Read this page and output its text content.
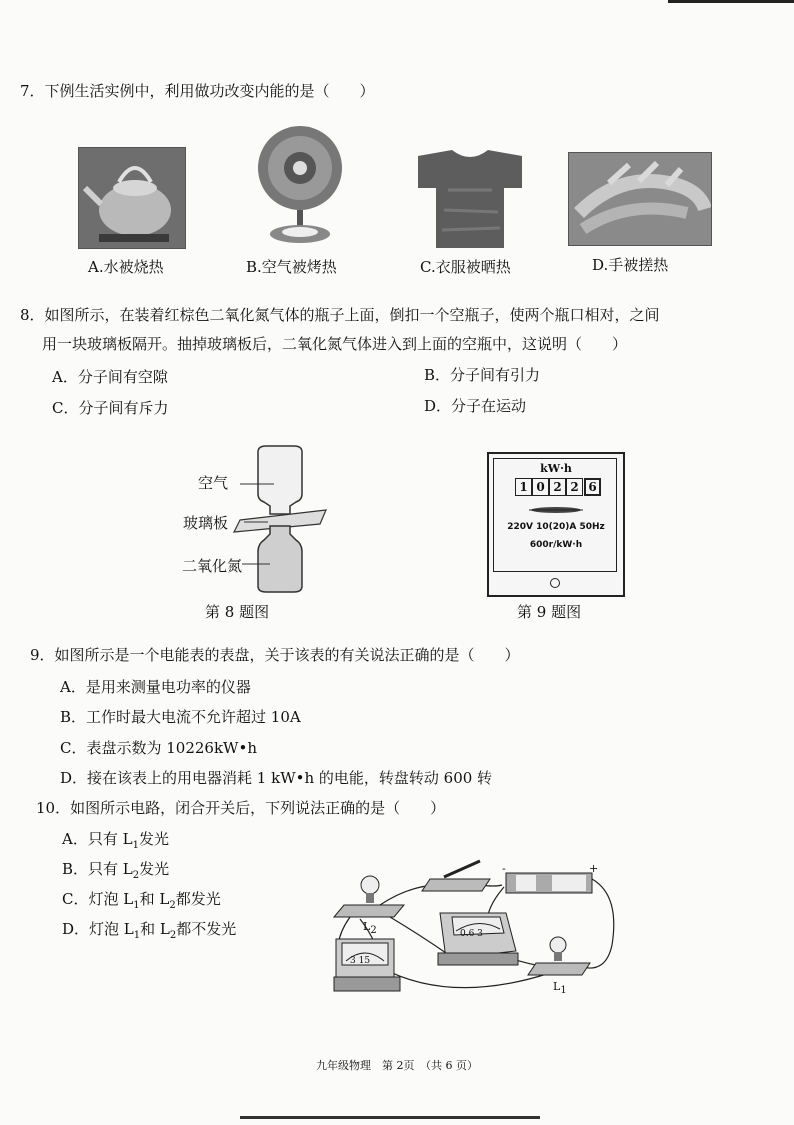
7．下例生活实例中，利用做功改变内能的是（　　）
A.水被烧热	B.空气被烤热	C.衣服被晒热	D.手被搓热
8．如图所示，在装着红棕色二氧化氮气体的瓶子上面，倒扣一个空瓶子，使两个瓶口相对，之间
用一块玻璃板隔开。抽掉玻璃板后，二氧化氮气体进入到上面的空瓶中，这说明（　　）
A．分子间有空隙	B．分子间有引力
C．分子间有斥力	D．分子在运动
空气
玻璃板
二氧化氮
第 8 题图
kW·h
1 0 2 2 6
220V 10(20)A 50Hz
600r/kW·h
第 9 题图
9．如图所示是一个电能表的表盘，关于该表的有关说法正确的是（　　）
A．是用来测量电功率的仪器
B．工作时最大电流不允许超过 10A
C．表盘示数为 10226kW•h
D．接在该表上的用电器消耗 1 kW•h 的电能，转盘转动 600 转
10．如图所示电路，闭合开关后，下列说法正确的是（　　）
A．只有 $L_1$发光
B．只有 $L_2$发光
C．灯泡 $L_1$和 $L_2$都发光
D．灯泡 $L_1$和 $L_2$都不发光	$L_2$
$L_1$
3 15
0.6 3
-	+
九年级物理　第 2页　（共 6 页）
